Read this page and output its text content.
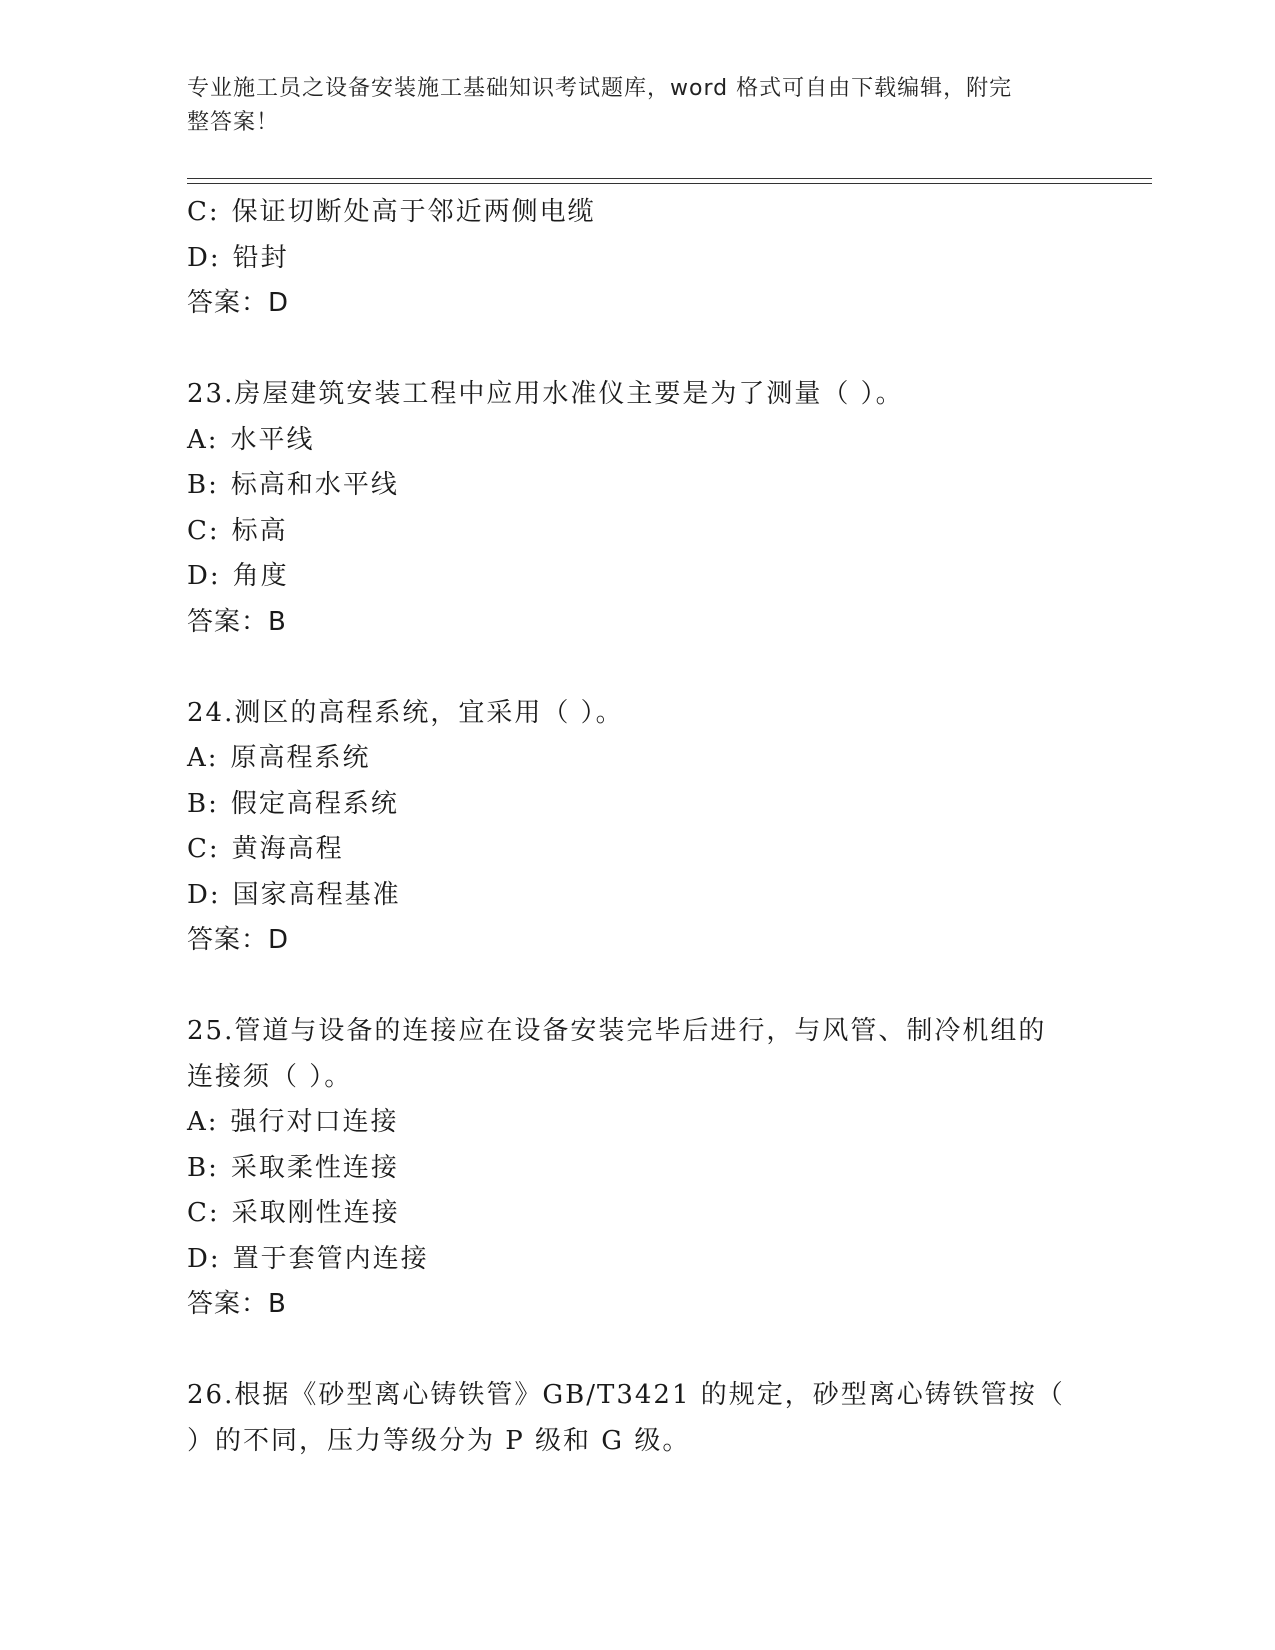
专业施工员之设备安装施工基础知识考试题库，word 格式可自由下载编辑，附完
整答案！
C: 保证切断处高于邻近两侧电缆
D: 铅封
答案：D
23.房屋建筑安装工程中应用水准仪主要是为了测量（ ）。
A: 水平线
B: 标高和水平线
C: 标高
D: 角度
答案：B
24.测区的高程系统，宜采用（ ）。
A: 原高程系统
B: 假定高程系统
C: 黄海高程
D: 国家高程基准
答案：D
25.管道与设备的连接应在设备安装完毕后进行，与风管、制冷机组的
连接须（ ）。
A: 强行对口连接
B: 采取柔性连接
C: 采取刚性连接
D: 置于套管内连接
答案：B
26.根据《砂型离心铸铁管》GB/T3421 的规定，砂型离心铸铁管按（
）的不同，压力等级分为 P 级和 G 级。
